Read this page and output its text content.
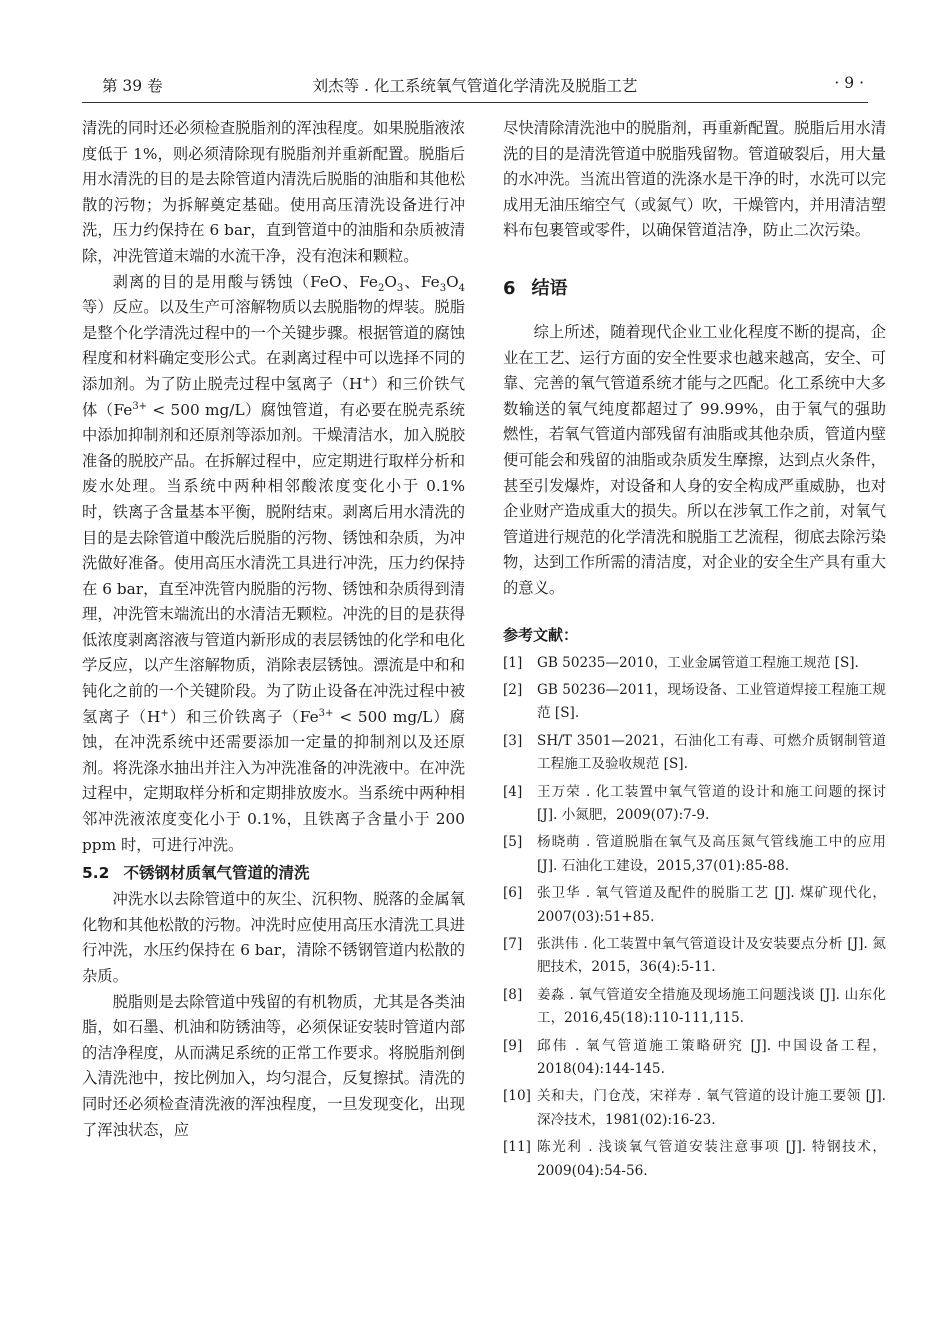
第 39 卷	刘杰等 . 化工系统氧气管道化学清洗及脱脂工艺	· 9 ·

清洗的同时还必须检查脱脂剂的浑浊程度。如果脱脂液浓度低于 1%，则必须清除现有脱脂剂并重新配置。脱脂后用水清洗的目的是去除管道内清洗后脱脂的油脂和其他松散的污物；为拆解奠定基础。使用高压清洗设备进行冲洗，压力约保持在 6 bar，直到管道中的油脂和杂质被清除，冲洗管道末端的水流干净，没有泡沫和颗粒。

剥离的目的是用酸与锈蚀（FeO、$Fe_2O_3$、$Fe_3O_4$ 等）反应。以及生产可溶解物质以去脱脂物的焊装。脱脂是整个化学清洗过程中的一个关键步骤。根据管道的腐蚀程度和材料确定变形公式。在剥离过程中可以选择不同的添加剂。为了防止脱壳过程中氢离子（H+）和三价铁气体（$Fe^{3+} < 500$ mg/L）腐蚀管道，有必要在脱壳系统中添加抑制剂和还原剂等添加剂。干燥清洁水，加入脱胶准备的脱胶产品。在拆解过程中，应定期进行取样分析和废水处理。当系统中两种相邻酸浓度变化小于 0.1% 时，铁离子含量基本平衡，脱附结束。剥离后用水清洗的目的是去除管道中酸洗后脱脂的污物、锈蚀和杂质，为冲洗做好准备。使用高压水清洗工具进行冲洗，压力约保持在 6 bar，直至冲洗管内脱脂的污物、锈蚀和杂质得到清理，冲洗管末端流出的水清洁无颗粒。冲洗的目的是获得低浓度剥离溶液与管道内新形成的表层锈蚀的化学和电化学反应，以产生溶解物质，消除表层锈蚀。漂流是中和和钝化之前的一个关键阶段。为了防止设备在冲洗过程中被氢离子（H+）和三价铁离子（$Fe^{3+} < 500$ mg/L）腐蚀，在冲洗系统中还需要添加一定量的抑制剂以及还原剂。将洗涤水抽出并注入为冲洗准备的冲洗液中。在冲洗过程中，定期取样分析和定期排放废水。当系统中两种相邻冲洗液浓度变化小于 0.1%，且铁离子含量小于 200 ppm 时，可进行冲洗。

5.2 不锈钢材质氧气管道的清洗

冲洗水以去除管道中的灰尘、沉积物、脱落的金属氧化物和其他松散的污物。冲洗时应使用高压水清洗工具进行冲洗，水压约保持在 6 bar，清除不锈钢管道内松散的杂质。

脱脂则是去除管道中残留的有机物质，尤其是各类油脂，如石墨、机油和防锈油等，必须保证安装时管道内部的洁净程度，从而满足系统的正常工作要求。将脱脂剂倒入清洗池中，按比例加入，均匀混合，反复擦拭。清洗的同时还必须检查清洗液的浑浊程度，一旦发现变化，出现了浑浊状态，应

尽快清除清洗池中的脱脂剂，再重新配置。脱脂后用水清洗的目的是清洗管道中脱脂残留物。管道破裂后，用大量的水冲洗。当流出管道的洗涤水是干净的时，水洗可以完成用无油压缩空气（或氮气）吹，干燥管内，并用清洁塑料布包裹管或零件，以确保管道洁净，防止二次污染。

6 结语

综上所述，随着现代企业工业化程度不断的提高，企业在工艺、运行方面的安全性要求也越来越高，安全、可靠、完善的氧气管道系统才能与之匹配。化工系统中大多数输送的氧气纯度都超过了 99.99%，由于氧气的强助燃性，若氧气管道内部残留有油脂或其他杂质，管道内壁便可能会和残留的油脂或杂质发生摩擦，达到点火条件，甚至引发爆炸，对设备和人身的安全构成严重威胁，也对企业财产造成重大的损失。所以在涉氧工作之前，对氧气管道进行规范的化学清洗和脱脂工艺流程，彻底去除污染物，达到工作所需的清洁度，对企业的安全生产具有重大的意义。

参考文献：
[1]	GB 50235—2010，工业金属管道工程施工规范 [S].
[2]	GB 50236—2011，现场设备、工业管道焊接工程施工规范 [S].
[3]	SH/T 3501—2021，石油化工有毒、可燃介质钢制管道工程施工及验收规范 [S].
[4]	王万荣 . 化工装置中氧气管道的设计和施工问题的探讨 [J]. 小氮肥，2009(07):7-9.
[5]	杨晓萌 . 管道脱脂在氧气及高压氮气管线施工中的应用 [J]. 石油化工建设，2015,37(01):85-88.
[6]	张卫华 . 氧气管道及配件的脱脂工艺 [J]. 煤矿现代化，2007(03):51+85.
[7]	张洪伟 . 化工装置中氧气管道设计及安装要点分析 [J]. 氮肥技术，2015，36(4):5-11.
[8]	姜淼 . 氧气管道安全措施及现场施工问题浅谈 [J]. 山东化工，2016,45(18):110-111,115.
[9]	邱伟 . 氧气管道施工策略研究 [J]. 中国设备工程，2018(04):144-145.
[10] 关和夫，门仓茂，宋祥寿 . 氧气管道的设计施工要领 [J]. 深冷技术，1981(02):16-23.
[11] 陈光利 . 浅谈氧气管道安装注意事项 [J]. 特钢技术，2009(04):54-56.
